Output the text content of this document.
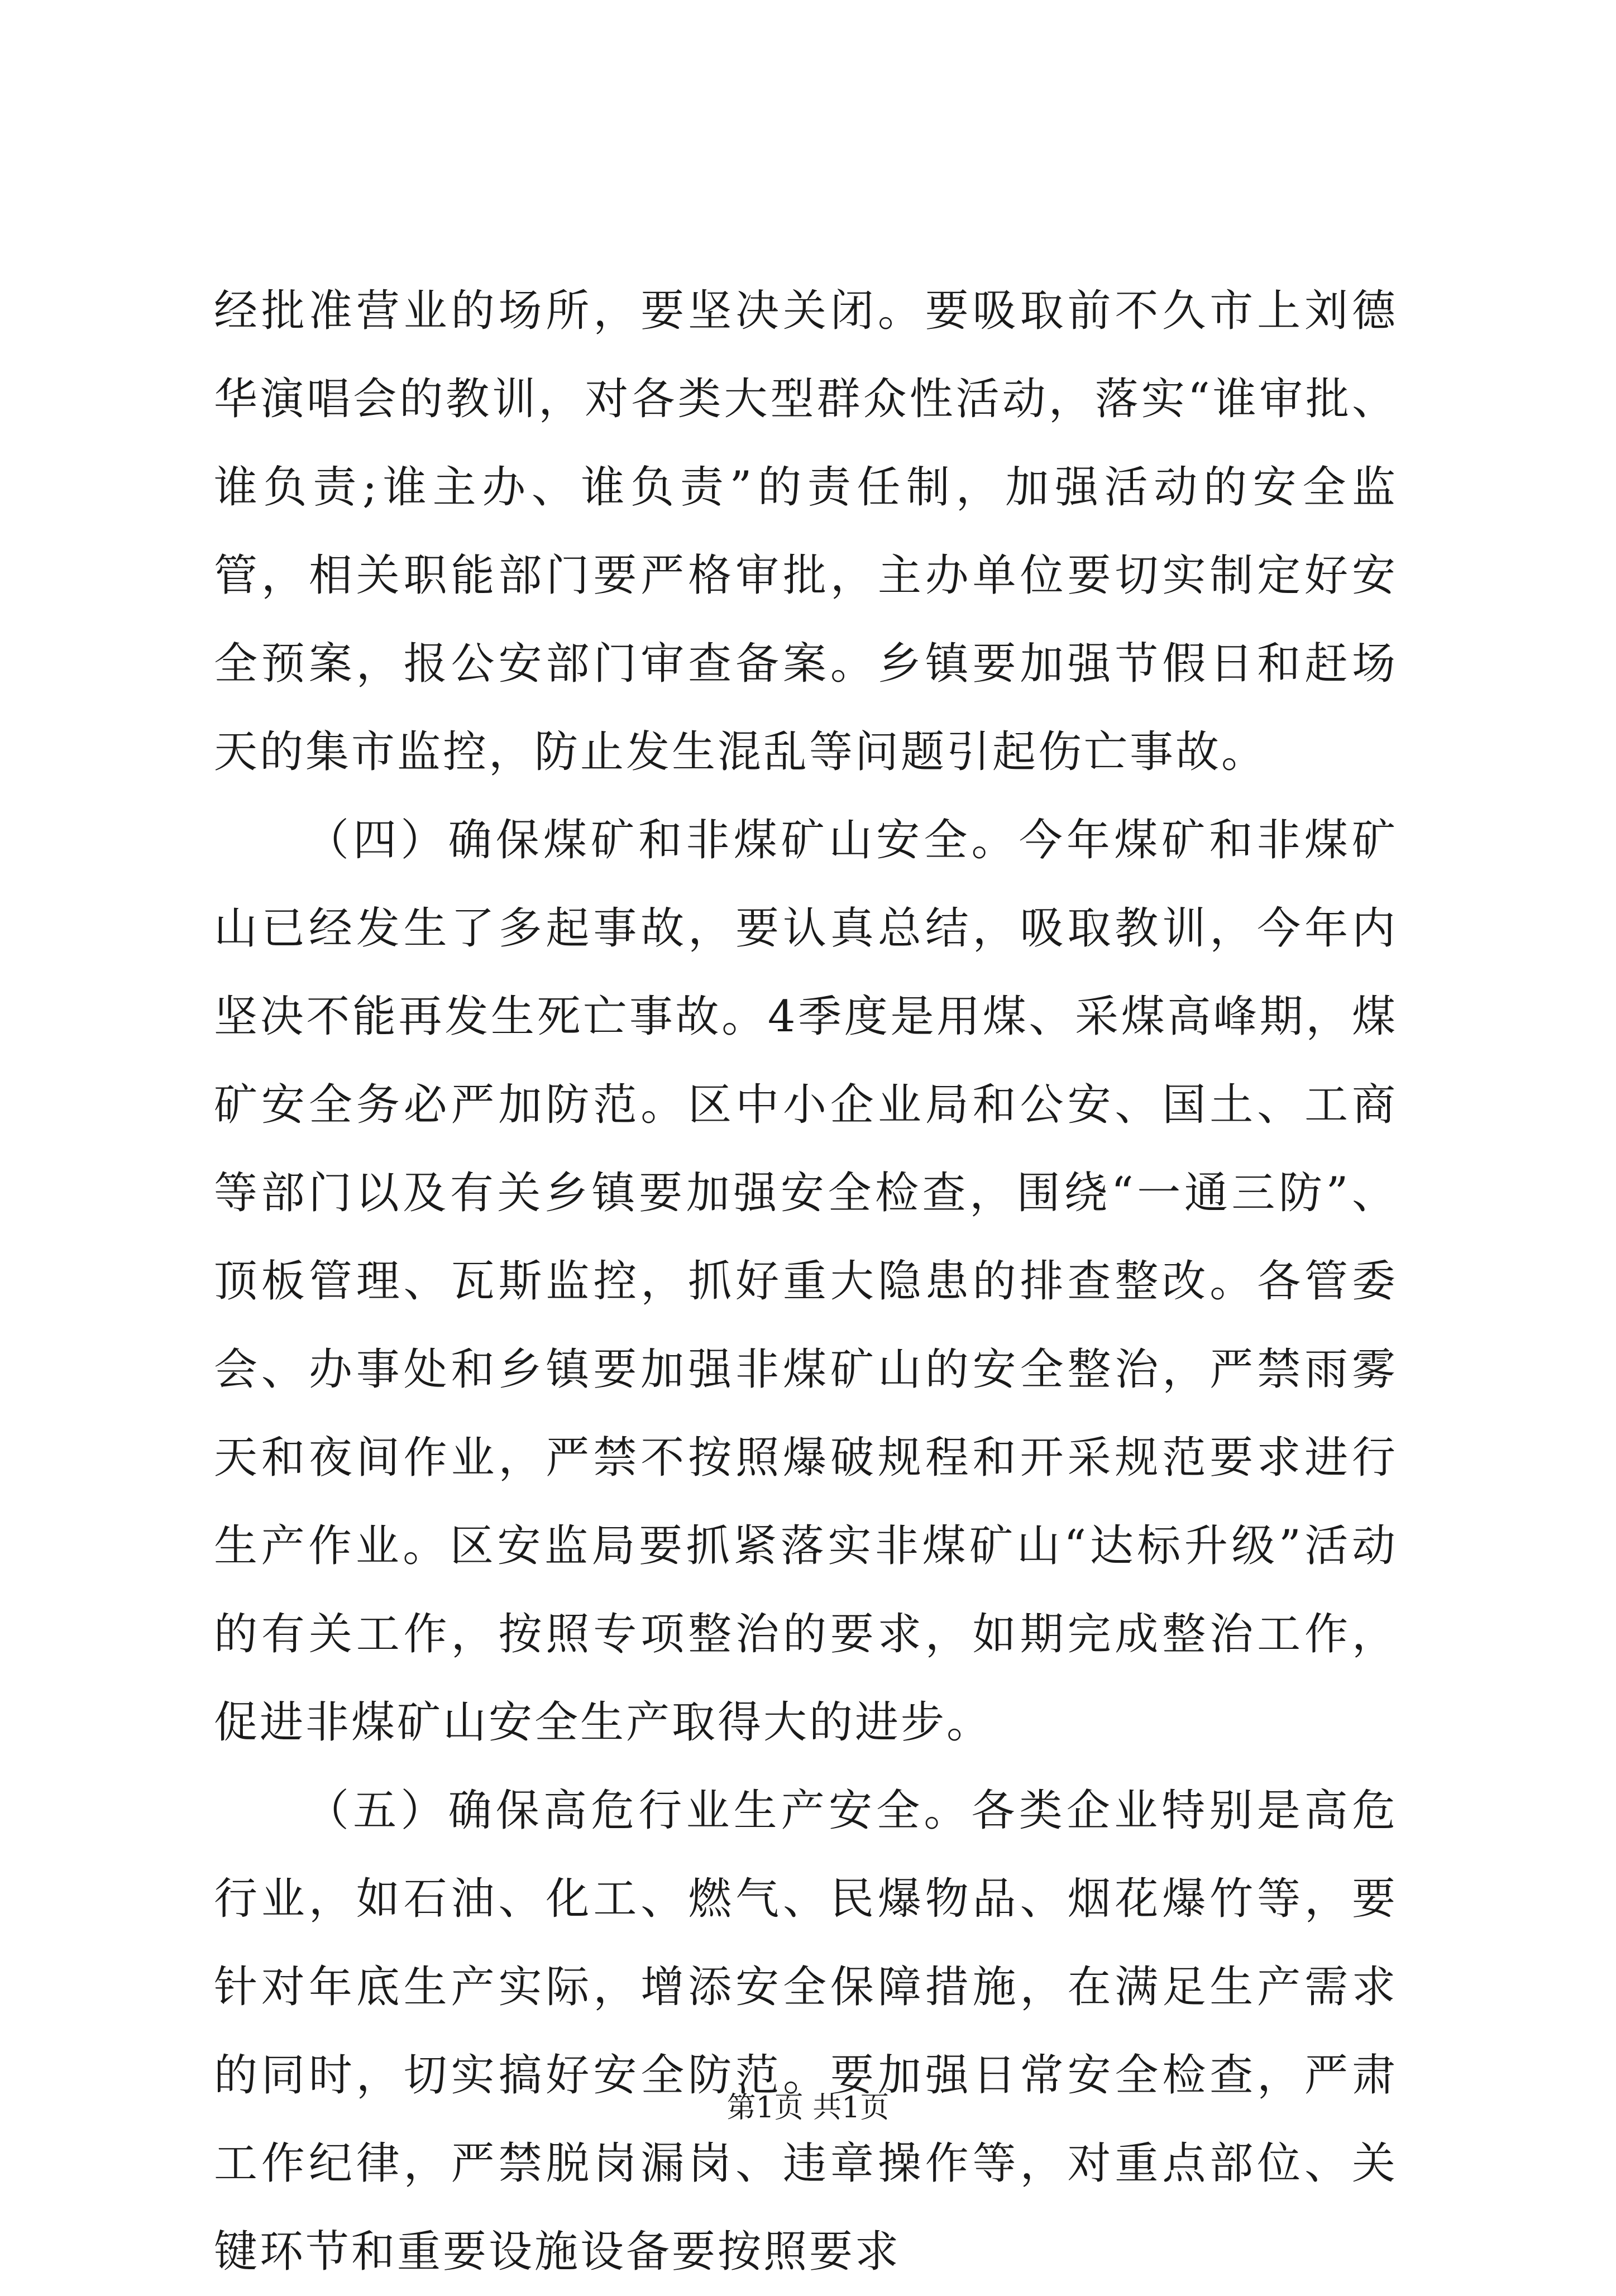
经批准营业的场所，要坚决关闭。要吸取前不久市上刘德华演唱会的教训，对各类大型群众性活动，落实“谁审批、谁负责;谁主办、谁负责”的责任制，加强活动的安全监管，相关职能部门要严格审批，主办单位要切实制定好安全预案，报公安部门审查备案。乡镇要加强节假日和赶场天的集市监控，防止发生混乱等问题引起伤亡事故。

（四）确保煤矿和非煤矿山安全。今年煤矿和非煤矿山已经发生了多起事故，要认真总结，吸取教训，今年内坚决不能再发生死亡事故。4季度是用煤、采煤高峰期，煤矿安全务必严加防范。区中小企业局和公安、国土、工商等部门以及有关乡镇要加强安全检查，围绕“一通三防”、顶板管理、瓦斯监控，抓好重大隐患的排查整改。各管委会、办事处和乡镇要加强非煤矿山的安全整治，严禁雨雾天和夜间作业，严禁不按照爆破规程和开采规范要求进行生产作业。区安监局要抓紧落实非煤矿山“达标升级”活动的有关工作，按照专项整治的要求，如期完成整治工作，促进非煤矿山安全生产取得大的进步。

（五）确保高危行业生产安全。各类企业特别是高危行业，如石油、化工、燃气、民爆物品、烟花爆竹等，要针对年底生产实际，增添安全保障措施，在满足生产需求的同时，切实搞好安全防范。要加强日常安全检查，严肃工作纪律，严禁脱岗漏岗、违章操作等，对重点部位、关键环节和重要设施设备要按照要求

第1页 共1页
